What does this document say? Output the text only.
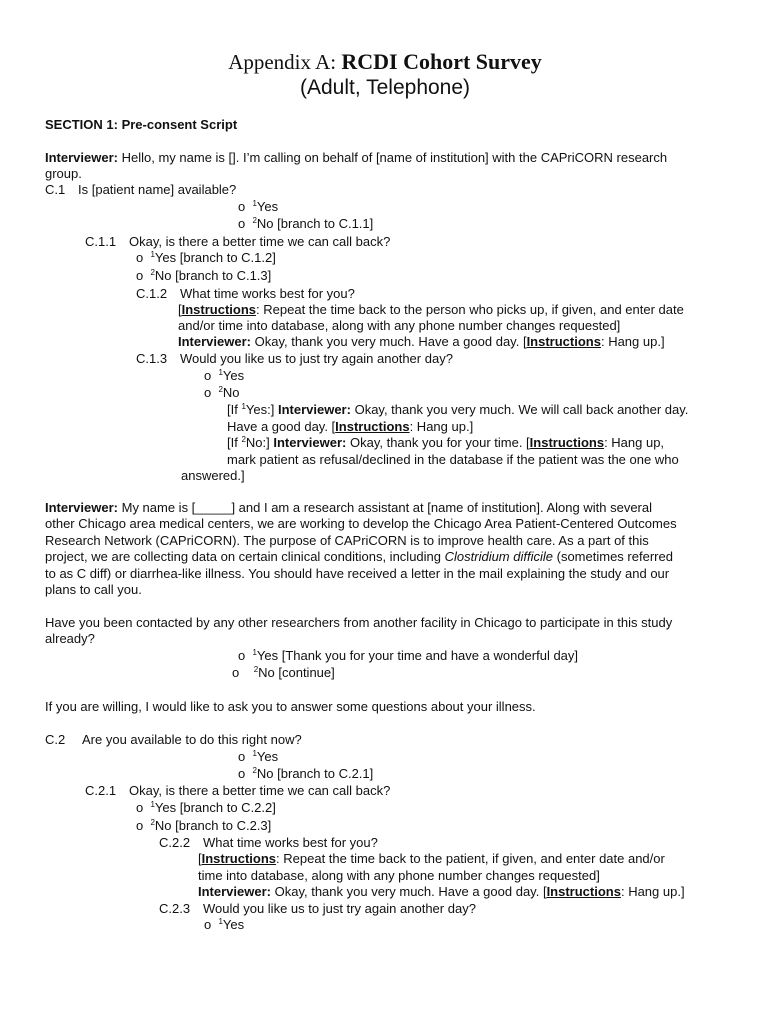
Appendix A: RCDI Cohort Survey
(Adult, Telephone)
SECTION 1: Pre-consent Script
Interviewer: Hello, my name is []. I’m calling on behalf of [name of institution] with the CAPriCORN research
group.
C.1 Is [patient name] available?
o $^1$Yes
o $^2$No [branch to C.1.1]
C.1.1 Okay, is there a better time we can call back?
o $^1$Yes [branch to C.1.2]
o $^2$No [branch to C.1.3]
C.1.2 What time works best for you?
[Instructions: Repeat the time back to the person who picks up, if given, and enter date
and/or time into database, along with any phone number changes requested]
Interviewer: Okay, thank you very much. Have a good day. [Instructions: Hang up.]
C.1.3 Would you like us to just try again another day?
o $^1$Yes
o $^2$No
[If $^1$Yes:] Interviewer: Okay, thank you very much. We will call back another day.
Have a good day. [Instructions: Hang up.]
[If $^2$No:] Interviewer: Okay, thank you for your time. [Instructions: Hang up,
mark patient as refusal/declined in the database if the patient was the one who
answered.]
Interviewer: My name is [_____] and I am a research assistant at [name of institution]. Along with several
other Chicago area medical centers, we are working to develop the Chicago Area Patient-Centered Outcomes
Research Network (CAPriCORN). The purpose of CAPriCORN is to improve health care. As a part of this
project, we are collecting data on certain clinical conditions, including Clostridium difficile (sometimes referred
to as C diff) or diarrhea-like illness. You should have received a letter in the mail explaining the study and our
plans to call you.
Have you been contacted by any other researchers from another facility in Chicago to participate in this study
already?
o $^1$Yes [Thank you for your time and have a wonderful day]
o $^2$No [continue]
If you are willing, I would like to ask you to answer some questions about your illness.
C.2 Are you available to do this right now?
o $^1$Yes
o $^2$No [branch to C.2.1]
C.2.1 Okay, is there a better time we can call back?
o $^1$Yes [branch to C.2.2]
o $^2$No [branch to C.2.3]
C.2.2 What time works best for you?
[Instructions: Repeat the time back to the patient, if given, and enter date and/or
time into database, along with any phone number changes requested]
Interviewer: Okay, thank you very much. Have a good day. [Instructions: Hang up.]
C.2.3 Would you like us to just try again another day?
o $^1$Yes
